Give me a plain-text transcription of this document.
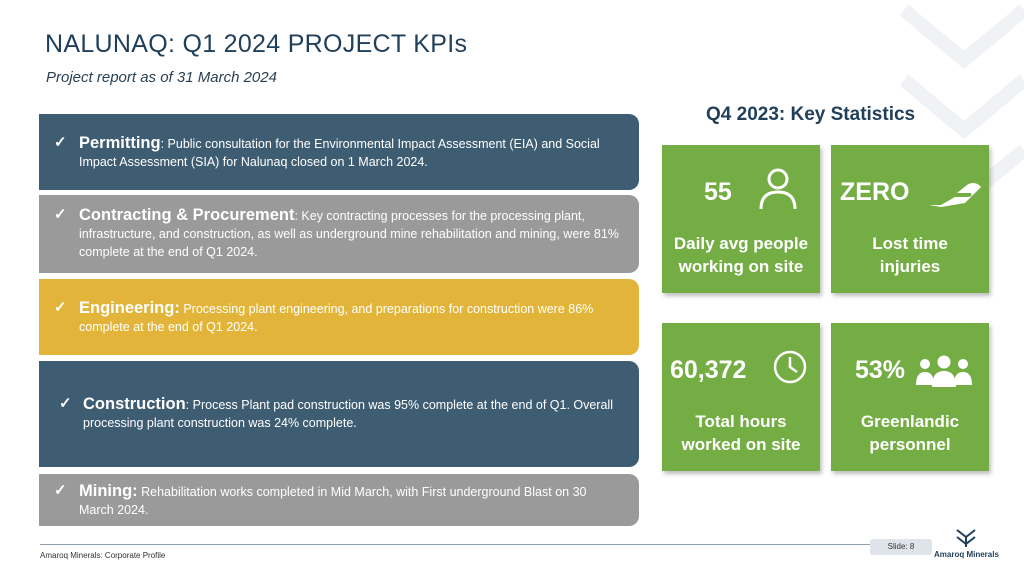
NALUNAQ: Q1 2024 PROJECT KPIs
Project report as of 31 March 2024
✓ Permitting: Public consultation for the Environmental Impact Assessment (EIA) and Social Impact Assessment (SIA) for Nalunaq closed on 1 March 2024.
✓ Contracting & Procurement: Key contracting processes for the processing plant, infrastructure, and construction, as well as underground mine rehabilitation and mining, were 81% complete at the end of Q1 2024.
✓ Engineering: Processing plant engineering, and preparations for construction were 86% complete at the end of Q1 2024.
✓ Construction: Process Plant pad construction was 95% complete at the end of Q1. Overall processing plant construction was 24% complete.
✓ Mining: Rehabilitation works completed in Mid March, with First underground Blast on 30 March 2024.
Q4 2023: Key Statistics
55
Daily avg people
working on site
ZERO
Lost time
injuries
60,372
Total hours
worked on site
53%
Greenlandic
personnel
Amaroq Minerals: Corporate Profile
Slide: 8
Amaroq Minerals
